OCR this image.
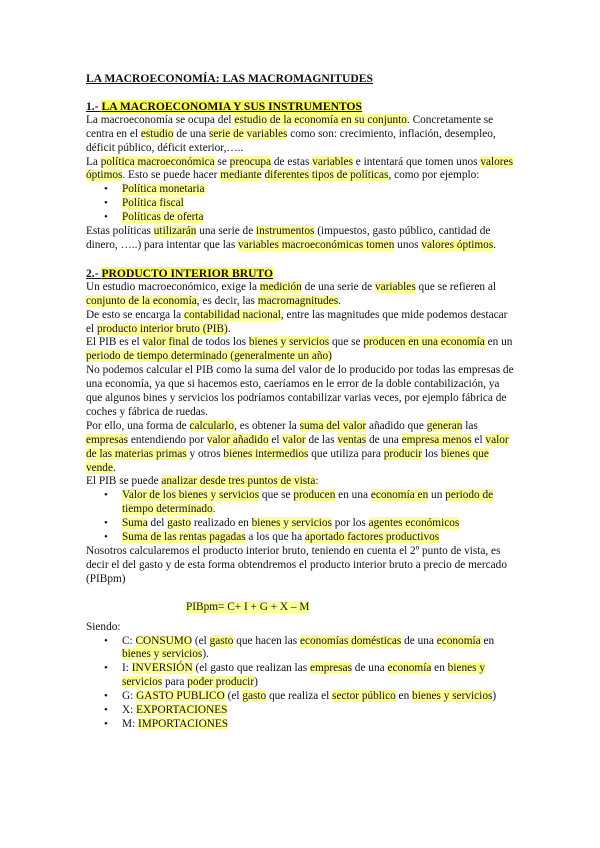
LA MACROECONOMÍA: LAS MACROMAGNITUDES
1.- LA MACROECONOMIA Y SUS INSTRUMENTOS

La macroeconomía se ocupa del estudio de la economía en su conjunto. Concretamente se centra en el estudio de una serie de variables como son: crecimiento, inflación, desempleo, déficit público, déficit exterior,…..

La política macroeconómica se preocupa de estas variables e intentará que tomen unos valores óptimos. Esto se puede hacer mediante diferentes tipos de políticas, como por ejemplo:

• Política monetaria
• Política fiscal
• Políticas de oferta

Estas políticas utilizarán una serie de instrumentos (impuestos, gasto público, cantidad de dinero, …..) para intentar que las variables macroeconómicas tomen unos valores óptimos.

2.- PRODUCTO INTERIOR BRUTO

Un estudio macroeconómico, exige la medición de una serie de variables que se refieren al conjunto de la economía, es decir, las macromagnitudes.

De esto se encarga la contabilidad nacional, entre las magnitudes que mide podemos destacar el producto interior bruto (PIB).

El PIB es el valor final de todos los bienes y servicios que se producen en una economía en un periodo de tiempo determinado (generalmente un año)

No podemos calcular el PIB como la suma del valor de lo producido por todas las empresas de una economía, ya que si hacemos esto, caeríamos en le error de la doble contabilización, ya que algunos bines y servicios los podríamos contabilizar varias veces, por ejemplo fábrica de coches y fábrica de ruedas.

Por ello, una forma de calcularlo, es obtener la suma del valor añadido que generan las empresas entendiendo por valor añadido el valor de las ventas de una empresa menos el valor de las materias primas y otros bienes intermedios que utiliza para producir los bienes que vende.

El PIB se puede analizar desde tres puntos de vista:

• Valor de los bienes y servicios que se producen en una economía en un periodo de tiempo determinado.
• Suma del gasto realizado en bienes y servicios por los agentes económicos
• Suma de las rentas pagadas a los que ha aportado factores productivos

Nosotros calcularemos el producto interior bruto, teniendo en cuenta el 2º punto de vista, es decir el del gasto y de esta forma obtendremos el producto interior bruto a precio de mercado (PIBpm)

PIBpm= C+ I + G + X – M

Siendo:

• C: CONSUMO (el gasto que hacen las economías domésticas de una economía en bienes y servicios).
• I: INVERSIÓN (el gasto que realizan las empresas de una economía en bienes y servicios para poder producir)
• G: GASTO PUBLICO (el gasto que realiza el sector público en bienes y servicios)
• X: EXPORTACIONES
• M: IMPORTACIONES
